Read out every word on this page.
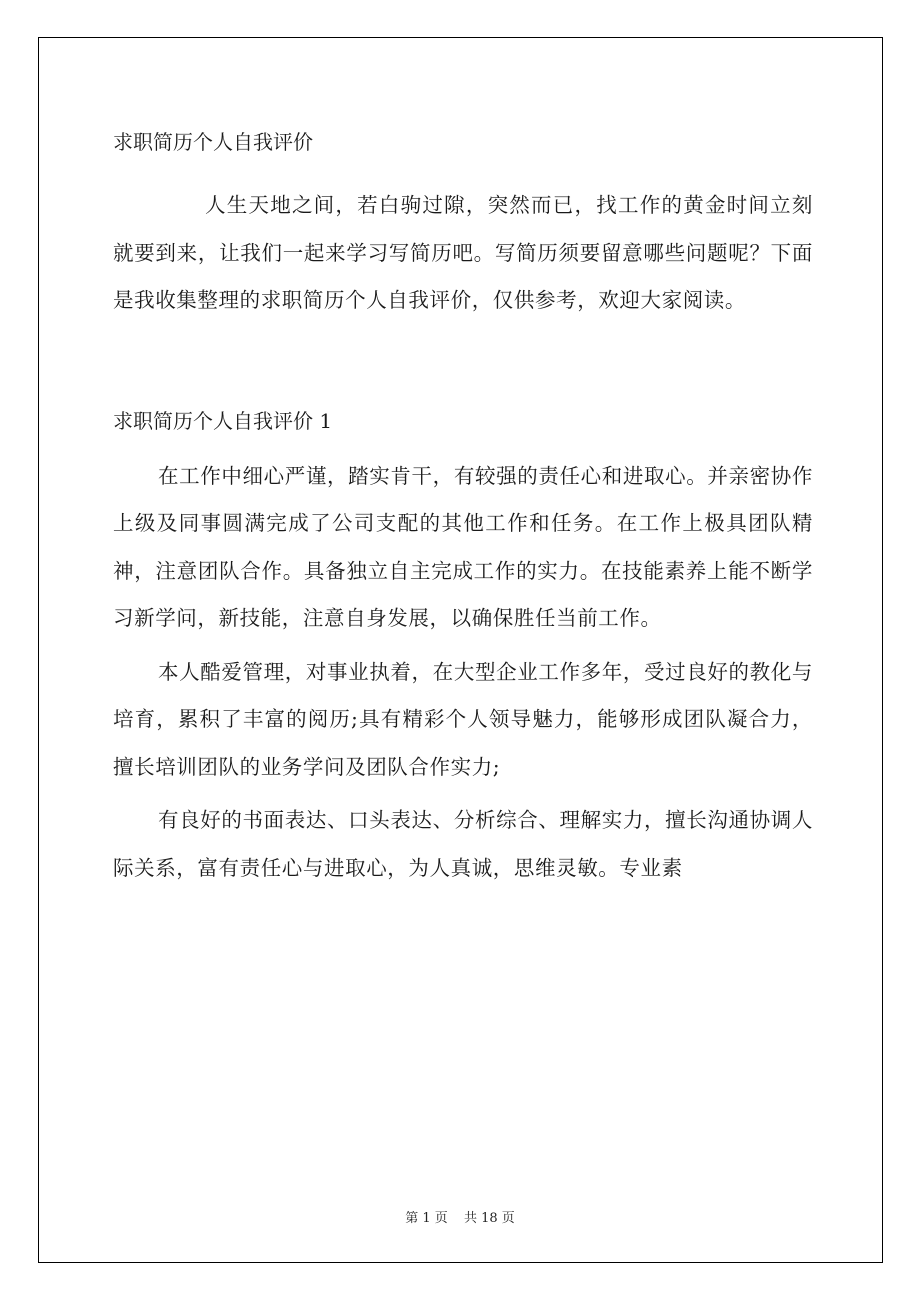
求职简历个人自我评价

人生天地之间，若白驹过隙，突然而已，找工作的黄金时间立刻就要到来，让我们一起来学习写简历吧。写简历须要留意哪些问题呢？下面是我收集整理的求职简历个人自我评价，仅供参考，欢迎大家阅读。

求职简历个人自我评价 1

在工作中细心严谨，踏实肯干，有较强的责任心和进取心。并亲密协作上级及同事圆满完成了公司支配的其他工作和任务。在工作上极具团队精神，注意团队合作。具备独立自主完成工作的实力。在技能素养上能不断学习新学问，新技能，注意自身发展，以确保胜任当前工作。

本人酷爱管理，对事业执着，在大型企业工作多年，受过良好的教化与培育，累积了丰富的阅历;具有精彩个人领导魅力，能够形成团队凝合力，擅长培训团队的业务学问及团队合作实力;

有良好的书面表达、口头表达、分析综合、理解实力，擅长沟通协调人际关系，富有责任心与进取心，为人真诚，思维灵敏。专业素

第 1 页 共 18 页
